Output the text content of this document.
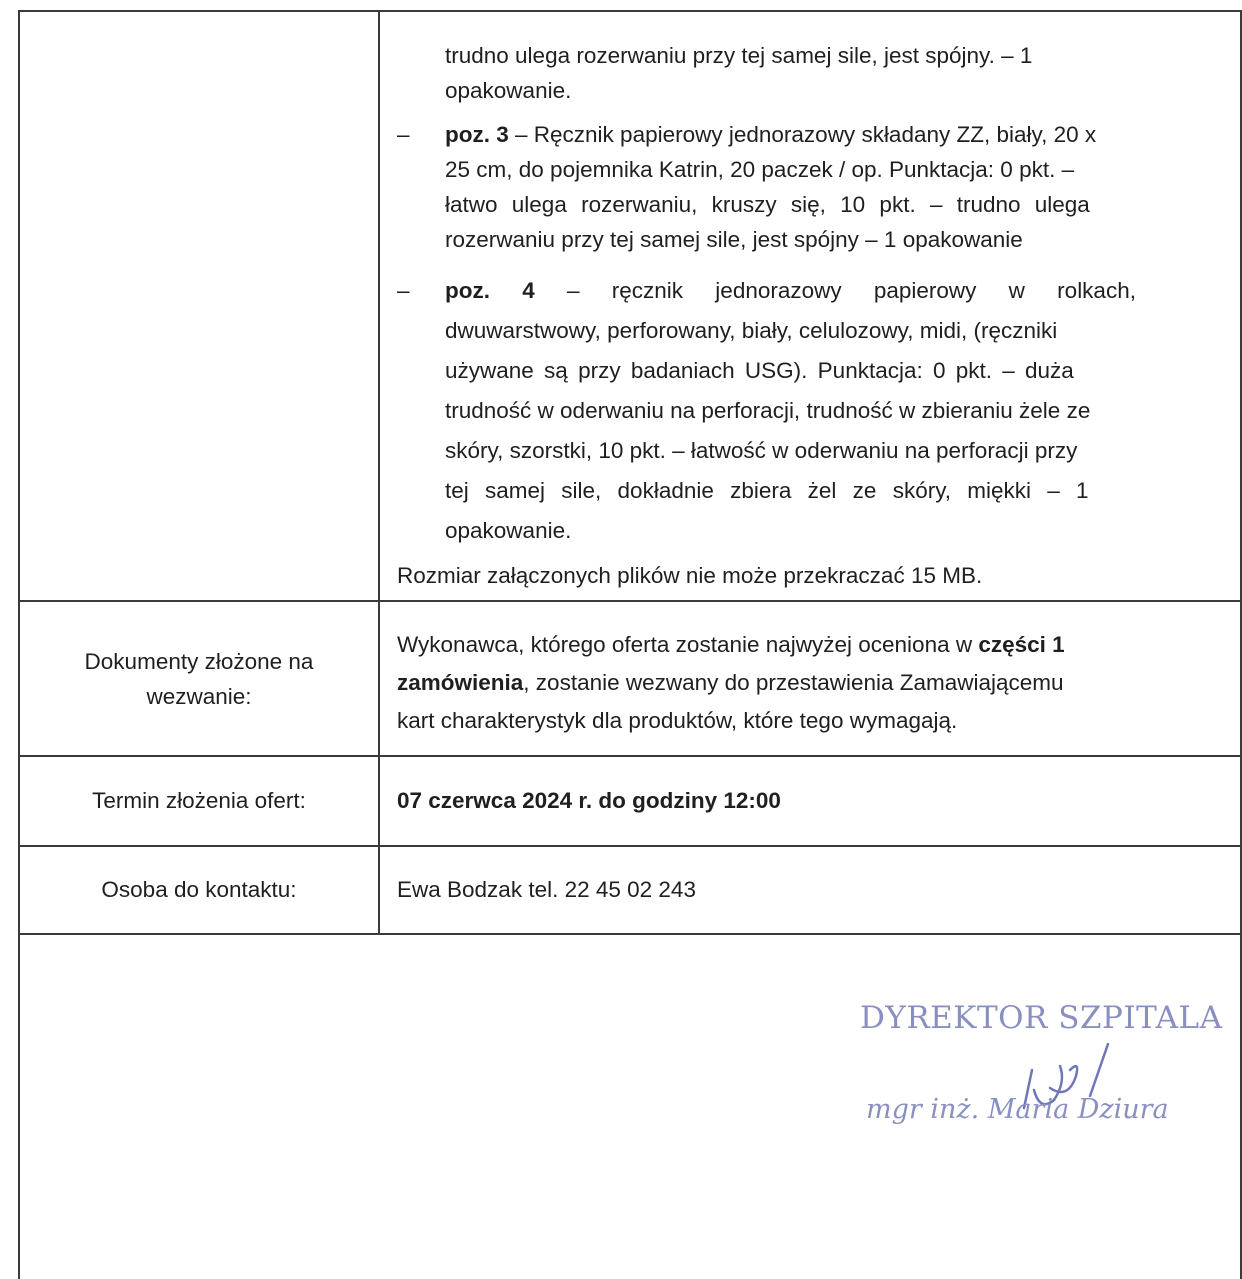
trudno ulega rozerwaniu przy tej samej sile, jest spójny. – 1
opakowanie.
– poz. 3 – Ręcznik papierowy jednorazowy składany ZZ, biały, 20 x
25 cm, do pojemnika Katrin, 20 paczek / op. Punktacja: 0 pkt. –
łatwo ulega rozerwaniu, kruszy się, 10 pkt. – trudno ulega
rozerwaniu przy tej samej sile, jest spójny – 1 opakowanie
– poz. 4 – ręcznik jednorazowy papierowy w rolkach,
dwuwarstwowy, perforowany, biały, celulozowy, midi, (ręczniki
używane są przy badaniach USG). Punktacja: 0 pkt. – duża
trudność w oderwaniu na perforacji, trudność w zbieraniu żele ze
skóry, szorstki, 10 pkt. – łatwość w oderwaniu na perforacji przy
tej samej sile, dokładnie zbiera żel ze skóry, miękki – 1
opakowanie.
Rozmiar załączonych plików nie może przekraczać 15 MB.
Dokumenty złożone na
wezwanie:
Wykonawca, którego oferta zostanie najwyżej oceniona w części 1
zamówienia, zostanie wezwany do przestawienia Zamawiającemu
kart charakterystyk dla produktów, które tego wymagają.
Termin złożenia ofert:	07 czerwca 2024 r. do godziny 12:00
Osoba do kontaktu:	Ewa Bodzak tel. 22 45 02 243
DYREKTOR SZPITALA
mgr inż. Maria Dziura
